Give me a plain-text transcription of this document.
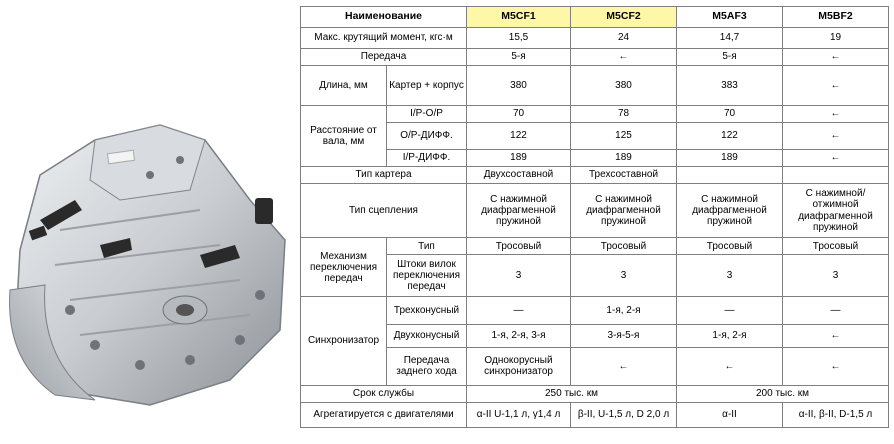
Наименование		M5CF1	M5CF2	M5AF3	M5BF2
Макс. крутящий момент, кгс·м		15,5	24	14,7	19
Передача		5-я	←	5-я	←
Длина, мм	Картер + корпус	380	380	383	←
Расстояние от вала, мм	I/P-O/P	70	78	70	←
	O/P-ДИФФ.	122	125	122	←
	I/P-ДИФФ.	189	189	189	←
Тип картера		Двухсоставной	Трехсоставной		
Тип сцепления		С нажимной диафрагменной пружиной	С нажимной диафрагменной пружиной	С нажимной диафрагменной пружиной	С нажимной/ отжимной диафрагменной пружиной
Механизм переключения передач	Тип	Тросовый	Тросовый	Тросовый	Тросовый
	Штоки вилок переключения передач	3	3	3	3
Синхронизатор	Трехконусный	—	1-я, 2-я	—	—
	Двухконусный	1-я, 2-я, 3-я	3-я-5-я	1-я, 2-я	←
	Передача заднего хода	Однокорусный синхронизатор	←	←	←
Срок службы		250 тыс. км		200 тыс. км	
Агрегатируется с двигателями		α-II U-1,1 л, γ1,4 л	β-II, U-1,5 л, D 2,0 л	α-II	α-II, β-II, D-1,5 л
